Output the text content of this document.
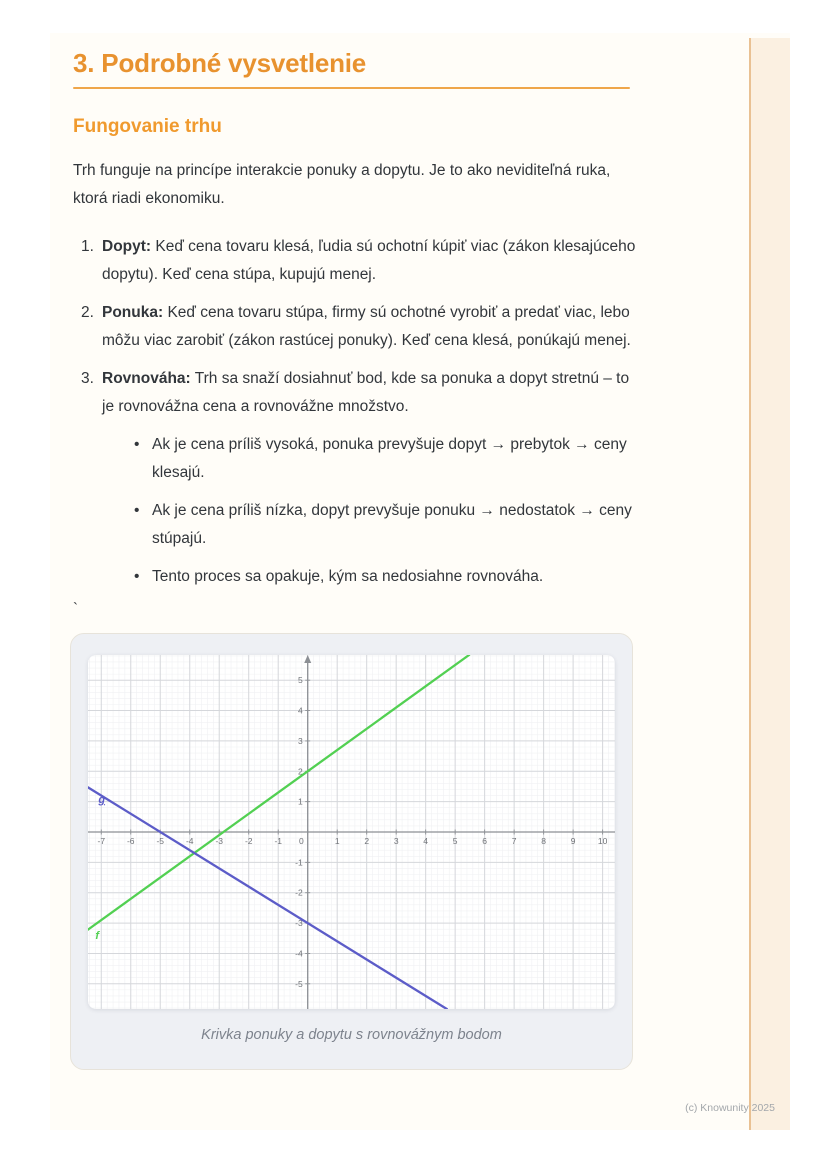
3. Podrobné vysvetlenie
Fungovanie trhu

Trh funguje na princípe interakcie ponuky a dopytu. Je to ako neviditeľná ruka, ktorá riadi ekonomiku.

1. Dopyt: Keď cena tovaru klesá, ľudia sú ochotní kúpiť viac (zákon klesajúceho dopytu). Keď cena stúpa, kupujú menej.
2. Ponuka: Keď cena tovaru stúpa, firmy sú ochotné vyrobiť a predať viac, lebo môžu viac zarobiť (zákon rastúcej ponuky). Keď cena klesá, ponúkajú menej.
3. Rovnováha: Trh sa snaží dosiahnuť bod, kde sa ponuka a dopyt stretnú – to je rovnovážna cena a rovnovážne množstvo.
• Ak je cena príliš vysoká, ponuka prevyšuje dopyt → prebytok → ceny klesajú.
• Ak je cena príliš nízka, dopyt prevyšuje ponuku → nedostatok → ceny stúpajú.
• Tento proces sa opakuje, kým sa nedosiahne rovnováha.

`

-7	-6	-5	-4	-3	-2	-1 0	1	2	3	4	5	6	7	8	9	10
-5
-4
-3
-2
-1
1
2
3
4
5
f
g
Krivka ponuky a dopytu s rovnovážnym bodom
(c) Knowunity 2025
